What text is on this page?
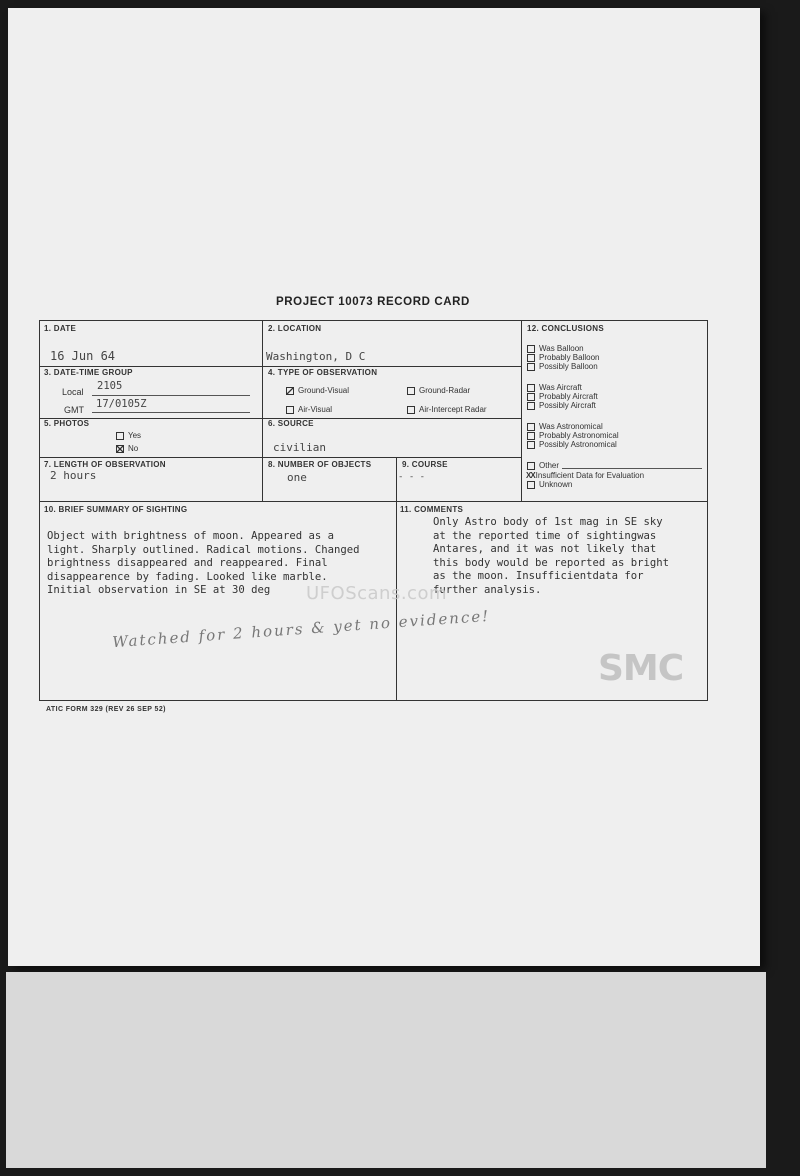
PROJECT 10073 RECORD CARD
1. DATE
16 Jun 64
2. LOCATION
Washington, D C
3. DATE-TIME GROUP
Local 2105
GMT 17/0105Z
4. TYPE OF OBSERVATION
Ground-Visual	Ground-Radar
Air-Visual	Air-Intercept Radar
5. PHOTOS
Yes
No
6. SOURCE
civilian
7. LENGTH OF OBSERVATION
2 hours
8. NUMBER OF OBJECTS
one
9. COURSE
- - -
12. CONCLUSIONS
Was Balloon
Probably Balloon
Possibly Balloon
Was Aircraft
Probably Aircraft
Possibly Aircraft
Was Astronomical
Probably Astronomical
Possibly Astronomical
Other
XXInsufficient Data for Evaluation
Unknown
10. BRIEF SUMMARY OF SIGHTING
Object with brightness of moon. Appeared as a
light. Sharply outlined. Radical motions. Changed
brightness disappeared and reappeared. Final
disappearence by fading. Looked like marble.
Initial observation in SE at 30 deg
Watched for 2 hours & yet no evidence!
11. COMMENTS
Only Astro body of 1st mag in SE sky
at the reported time of sightingwas
Antares, and it was not likely that
this body would be reported as bright
as the moon. Insufficientdata for
further analysis.
SMC
UFOScans.com
ATIC FORM 329 (REV 26 SEP 52)
